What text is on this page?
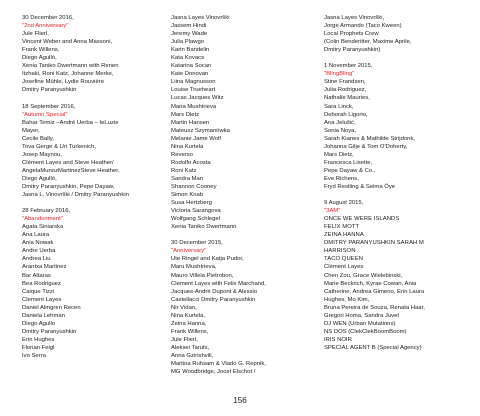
30 December 2016,
"2nd Anniversary"
Jule Flierl,
Vincent Weber and Anna Massoni,
Frank Willens,
Diego Agulló,
Xenia Taniko Dwertmann with Renen
Itzhaki, Roni Katz, Johanne Merke,
Josefine Mühle, Lydie Rouvière
Dmitry Paranyushkin
18 September 2016,
"Autumn Special"
Bahar Temiz –André Uerba – IeLuzie
Mayer,
Cecile Bally,
Tova Gerge & Uri Turkenich,
Josep Maynou,
Clément Layes and Steve Heather/
AngelaMunozMartinezSteve Heather,
Diego Agulló,
Dmitry Paranyushkin, Pepe Dayaw,
Jasna L. Vinovrški / Dmitry Paranyushkin
28 February 2016,
"Abandonment"
Agata Siniarska
Ana Laura
Ania Nowak
Andre Uerba
Andrea Liu
Arantxa Martinez
Bar Altaras
Bea Rodriguez
Caique Tizzi
Clement Layes
Daniel Almgren Recen
Daniela Lehman
Diego Agullo
Dmitry Paranyushkin
Erin Hughes
Florian Feigl
Ivo Serra
Jasna Layes Vinovrški
Jassem Hindi
Jeremy Wade
Julia Plawgo
Karin Bandelin
Kata Kovacs
Katarina Socan
Kate Donovan
Liina Magnusson
Louise Trueheart
Lucas Jacques Witz
Maria Mushtrieva
Mars Dietz
Martin Hansen
Mateusz Szymanówka
Melanie Jame Wolf
Nina Kurtela
Reverso
Rodolfo Acosta
Roni Katz
Sandra Man
Shannon Cooney
Simon Knab
Susa Hertzberg
Victoria Sarangova
Wolfgang Schlegel
Xenia Taniko Dwertmann
30 December 2015,
"Anniversary"
Ute Ringel and Katja Pudor,
Maru Mushtrieva,
Mauro Villela Pietrobon,
Clement Layes with Felix Marchand,
Jacques-André Dupont & Alessio
Castellacci Dmitry Paranyushkin
Nir Vidan,
Nina Kurtela,
Zeina Hanna,
Frank Willens,
Jule Flierl,
Aleksei Taruts,
Anna Gzirishvili,
Martina Ruhsam & Vlado G. Repnik,
MG Woodbridge, Joost Elschot /
Jasna Layes Vinovrški,
Jorge Armando (Taco Kween)
Local Prophets Crew
(Colin Benderitter, Maxime Aprile,
Dmitry Paranyushkin)
1 November 2015,
"BlingBling"
Stine Frandsen,
Julia Rodriguez,
Nathalie Mauries,
Sara Linck,
Deborah Ligorio,
Ana Jelušić,
Sonia Noya,
Sarah Kianes & Mathilde Strijdonk,
Johanna Gilje & Tom O'Doherty,
Mars Dietz,
Francesca Lisette,
Pepe Dayaw & Co.,
Eve Richens,
Fryd Restling & Selma Öye
9 August 2015,
"3AM"
ONCE WE WERE ISLANDS
FELIX MOTT
ZEINA HANNA
DMITRY PARANYUSHKIN SARAH M
HARRISON
TACO QUEEN
Clément Layes
Chen Zou, Grace Wielebinski,
Marie Beckrich, Kyrae Cowan, Ania
Catherine, Andrea Gimeno, Erin Laura
Hughes, Mo Kim,
Bruna Pereira de Souza, Renata Haar,
Gregori Homa, Sandra Juvet
DJ WEN (Urban Mutations)
NS DOS (ClekClekBoomBoom)
IRIS NOIR
SPECIAL AGENT B (Special Agency)
156
